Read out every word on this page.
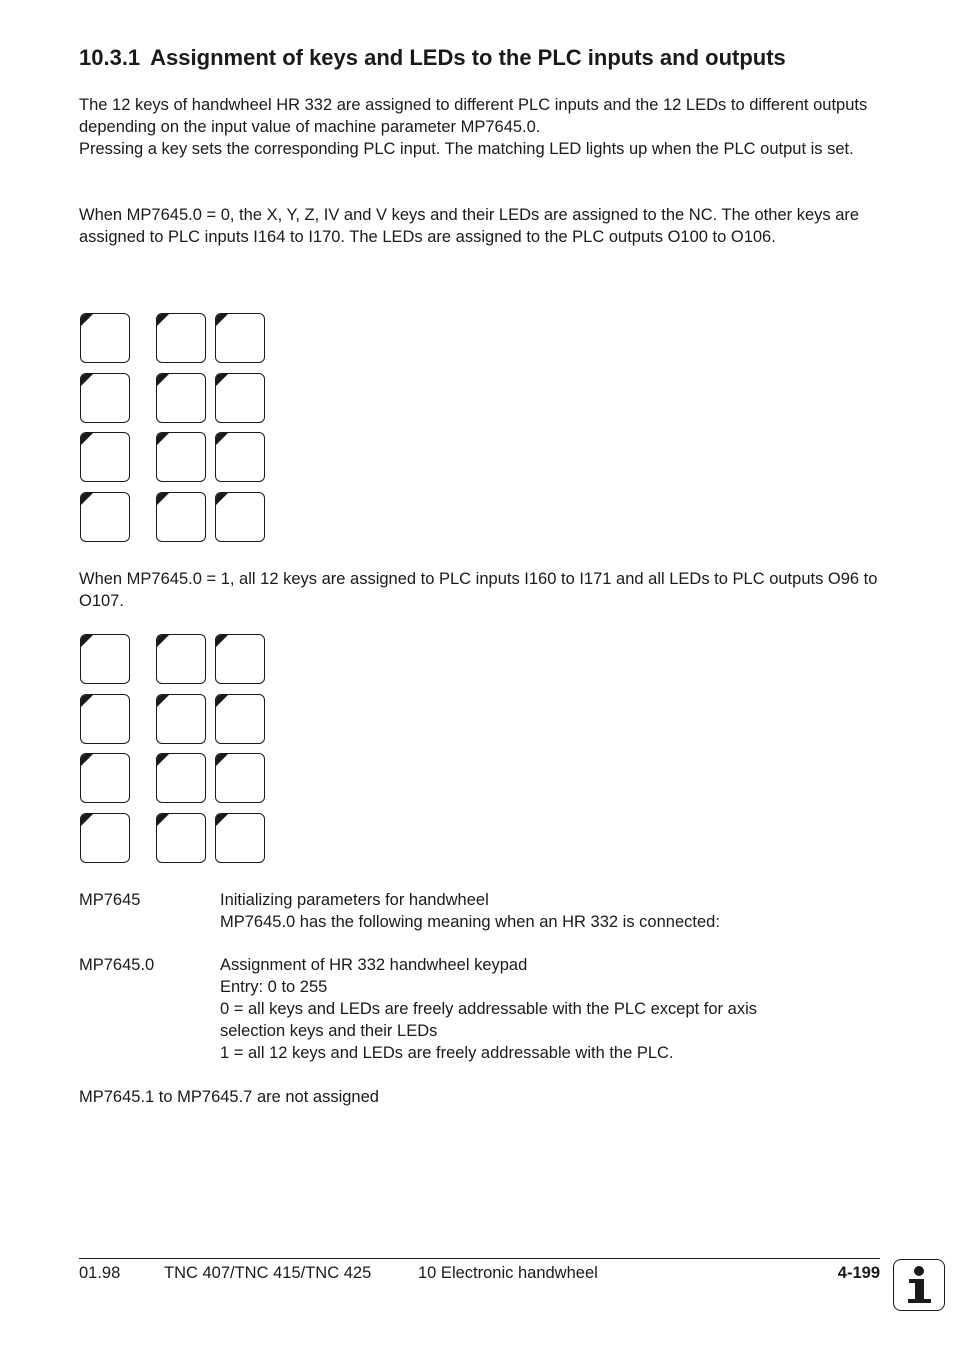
10.3.1 Assignment of keys and LEDs to the PLC inputs and outputs

The 12 keys of handwheel HR 332 are assigned to different PLC inputs and the 12 LEDs to different outputs depending on the input value of machine parameter MP7645.0.
Pressing a key sets the corresponding PLC input. The matching LED lights up when the PLC output is set.

When MP7645.0 = 0, the X, Y, Z, IV and V keys and their LEDs are assigned to the NC. The other keys are assigned to PLC inputs I164 to I170. The LEDs are assigned to the PLC outputs O100 to O106.

When MP7645.0 = 1, all 12 keys are assigned to PLC inputs I160 to I171 and all LEDs to PLC outputs O96 to O107.

MP7645	Initializing parameters for handwheel
MP7645.0 has the following meaning when an HR 332 is connected:
MP7645.0	Assignment of HR 332 handwheel keypad
Entry: 0 to 255
0 = all keys and LEDs are freely addressable with the PLC except for axis
selection keys and their LEDs
1 = all 12 keys and LEDs are freely addressable with the PLC.

MP7645.1 to MP7645.7 are not assigned

01.98	TNC 407/TNC 415/TNC 425	10 Electronic handwheel	4-199
